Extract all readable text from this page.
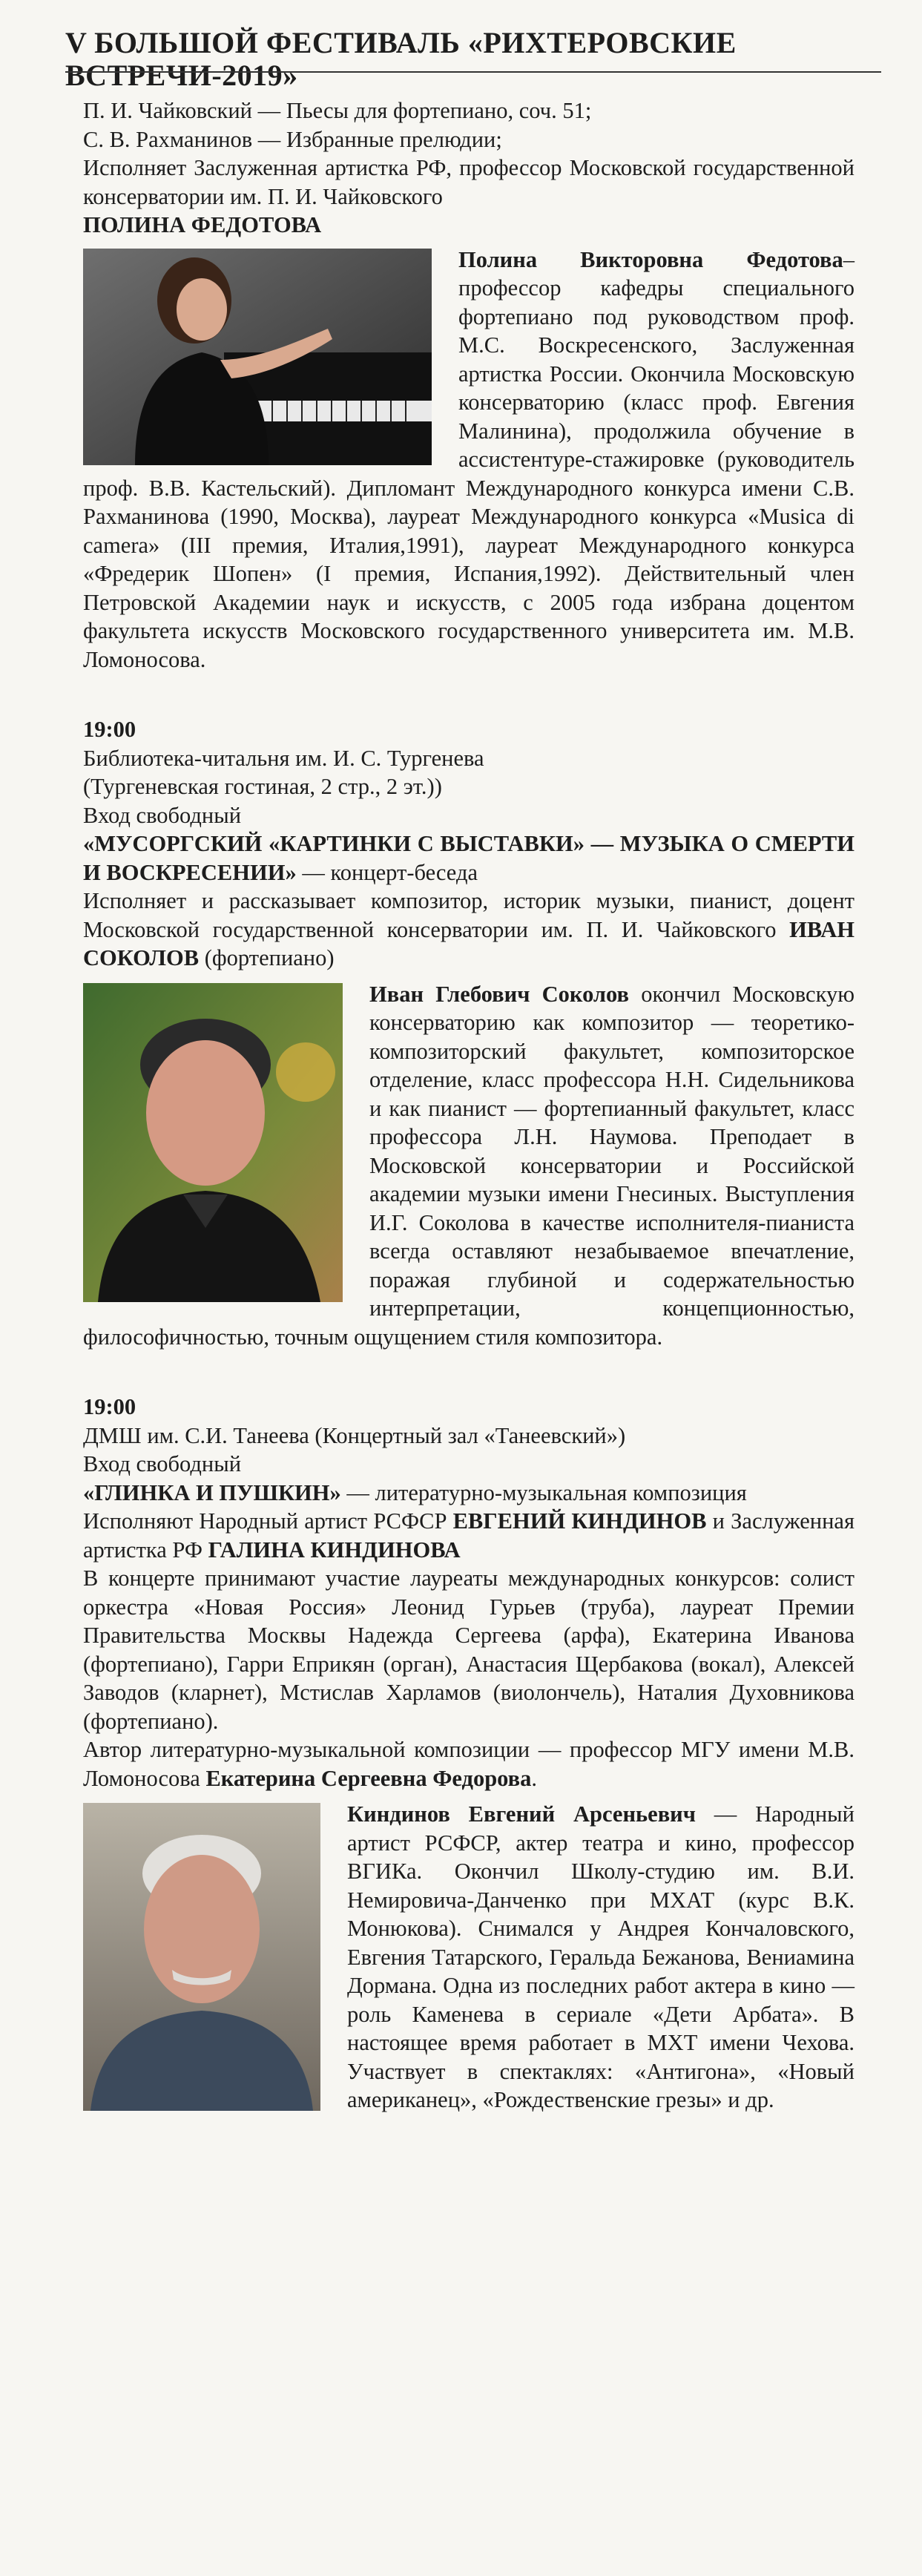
V БОЛЬШОЙ ФЕСТИВАЛЬ «РИХТЕРОВСКИЕ ВСТРЕЧИ-2019»

П. И. Чайковский — Пьесы для фортепиано, соч. 51;

С. В. Рахманинов — Избранные прелюдии;

Исполняет Заслуженная артистка РФ, профессор Московской государственной консерватории им. П. И. Чайковского

ПОЛИНА ФЕДОТОВА

Полина Викторовна Федотова– профессор кафедры специального фортепиано под руководством проф. М.С. Воскресенского, Заслуженная артистка России. Окончила Московскую консерваторию (класс проф. Евгения Малинина), продолжила обучение в ассистентуре-стажировке (руководитель проф. В.В. Кастельский). Дипломант Международного конкурса имени С.В. Рахманинова (1990, Москва), лауреат Международного конкурса «Musica di camera» (III премия, Италия,1991), лауреат Международного конкурса «Фредерик Шопен» (I премия, Испания,1992). Действительный член Петровской Академии наук и искусств, с 2005 года избрана доцентом факультета искусств Московского государственного университета им. М.В. Ломоносова.

19:00

Библиотека-читальня им. И. С. Тургенева

(Тургеневская гостиная, 2 стр., 2 эт.))

Вход свободный

«МУСОРГСКИЙ «КАРТИНКИ С ВЫСТАВКИ» — МУЗЫКА О СМЕРТИ И ВОСКРЕСЕНИИ» — концерт-беседа

Исполняет и рассказывает композитор, историк музыки, пианист, доцент Московской государственной консерватории им. П. И. Чайковского ИВАН СОКОЛОВ (фортепиано)

Иван Глебович Соколов окончил Московскую консерваторию как композитор — теоретико-композиторский факультет, композиторское отделение, класс профессора Н.Н. Сидельникова и как пианист — фортепианный факультет, класс профессора Л.Н. Наумова. Преподает в Московской консерватории и Российской академии музыки имени Гнесиных. Выступления И.Г. Соколова в качестве исполнителя-пианиста всегда оставляют незабываемое впечатление, поражая глубиной и содержательностью интерпретации, концепционностью, философичностью, точным ощущением стиля композитора.

19:00

ДМШ им. С.И. Танеева (Концертный зал «Танеевский»)

Вход свободный

«ГЛИНКА И ПУШКИН» — литературно-музыкальная композиция

Исполняют Народный артист РСФСР ЕВГЕНИЙ КИНДИНОВ и Заслуженная артистка РФ ГАЛИНА КИНДИНОВА

В концерте принимают участие лауреаты международных конкурсов: солист оркестра «Новая Россия» Леонид Гурьев (труба), лауреат Премии Правительства Москвы Надежда Сергеева (арфа), Екатерина Иванова (фортепиано), Гарри Еприкян (орган), Анастасия Щербакова (вокал), Алексей Заводов (кларнет), Мстислав Харламов (виолончель), Наталия Духовникова (фортепиано).

Автор литературно-музыкальной композиции — профессор МГУ имени М.В. Ломоносова Екатерина Сергеевна Федорова.

Киндинов Евгений Арсеньевич — Народный артист РСФСР, актер театра и кино, профессор ВГИКа. Окончил Школу-студию им. В.И. Немировича-Данченко при МХАТ (курс В.К. Монюкова). Снимался у Андрея Кончаловского, Евгения Татарского, Геральда Бежанова, Вениамина Дормана. Одна из последних работ актера в кино — роль Каменева в сериале «Дети Арбата». В настоящее время работает в МХТ имени Чехова. Участвует в спектаклях: «Антигона», «Новый американец», «Рождественские грезы» и др.
